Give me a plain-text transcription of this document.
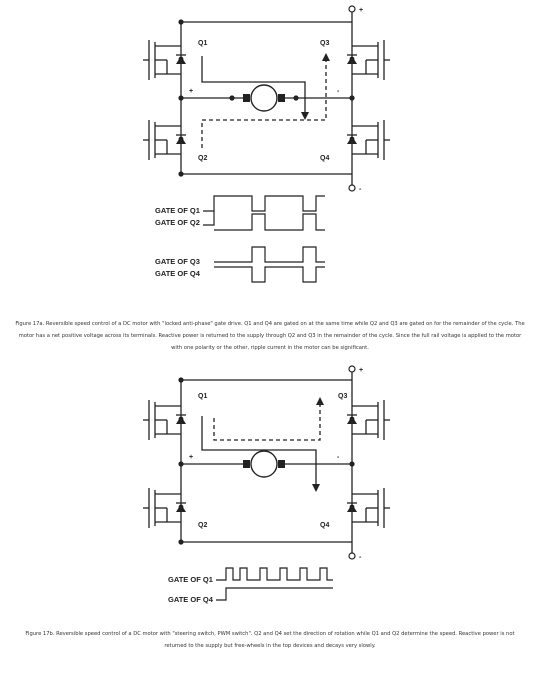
+
-
+	-
Q1
Q2
Q3
Q4
GATE OF Q1
GATE OF Q2
GATE OF Q3
GATE OF Q4

Figure 17a. Reversible speed control of a DC motor with "locked anti-phase" gate drive. Q1 and Q4 are gated on at the same time while Q2 and Q3 are gated on for the remainder of the cycle. The motor has a net positive voltage across its terminals. Reactive power is returned to the supply through Q2 and Q3 in the remainder of the cycle. Since the full rail voltage is applied to the motor with one polarity or the other, ripple current in the motor can be significant.

+
-
+	-
Q1
Q2
Q3
Q4
GATE OF Q1
GATE OF Q4

Figure 17b. Reversible speed control of a DC motor with "steering switch, PWM switch". Q2 and Q4 set the direction of rotation while Q1 and Q2 determine the speed. Reactive power is not returned to the supply but free-wheels in the top devices and decays very slowly.
